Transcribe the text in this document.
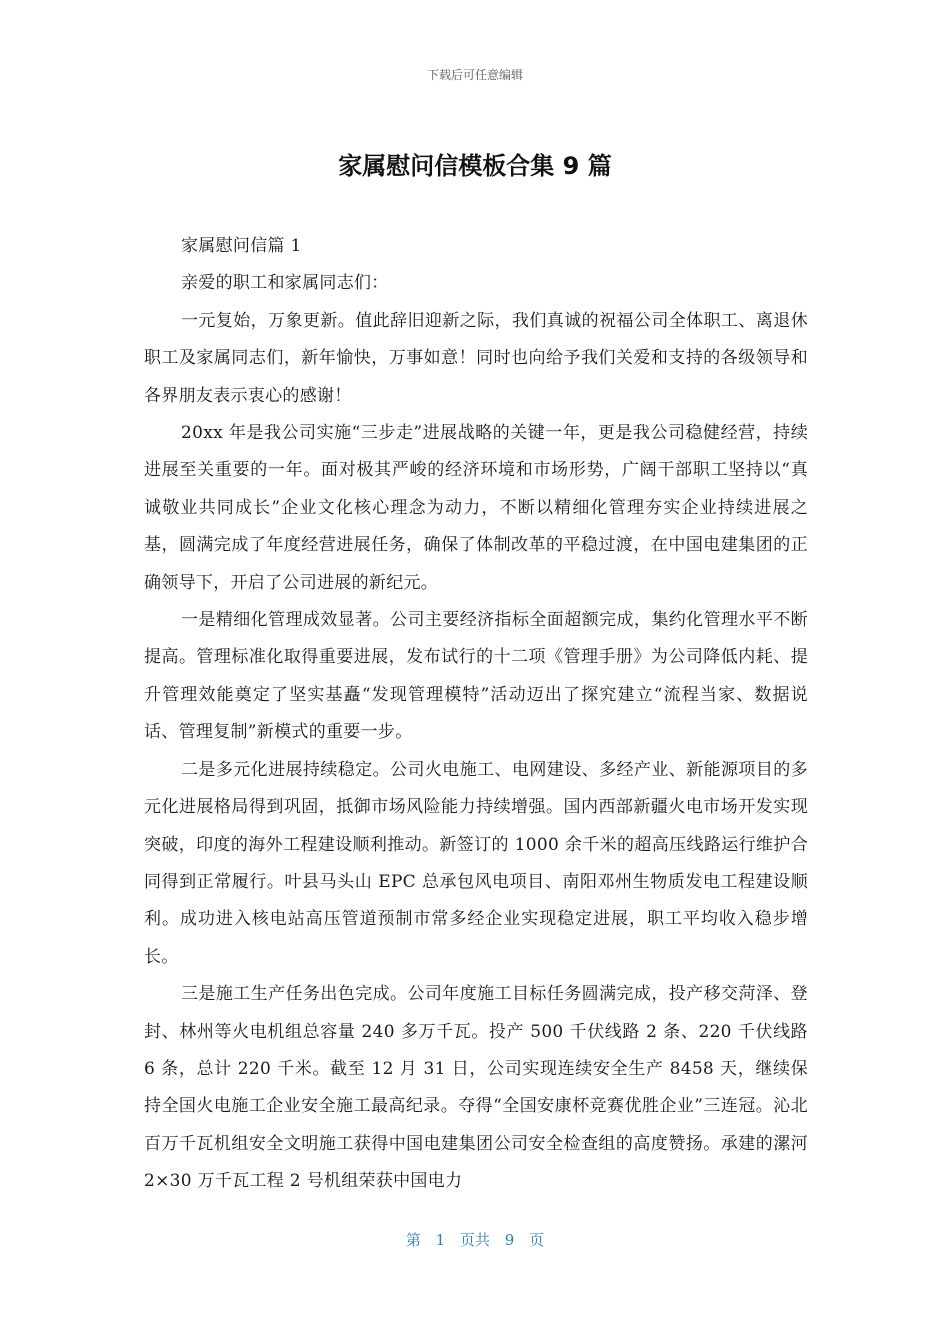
下载后可任意编辑
家属慰问信模板合集 9 篇

家属慰问信篇 1

亲爱的职工和家属同志们：

一元复始，万象更新。值此辞旧迎新之际，我们真诚的祝福公司全体职工、离退休职工及家属同志们，新年愉快，万事如意！同时也向给予我们关爱和支持的各级领导和各界朋友表示衷心的感谢！

20xx 年是我公司实施“三步走”进展战略的关键一年，更是我公司稳健经营，持续进展至关重要的一年。面对极其严峻的经济环境和市场形势，广阔干部职工坚持以“真诚敬业共同成长”企业文化核心理念为动力，不断以精细化管理夯实企业持续进展之基，圆满完成了年度经营进展任务，确保了体制改革的平稳过渡，在中国电建集团的正确领导下，开启了公司进展的新纪元。

一是精细化管理成效显著。公司主要经济指标全面超额完成，集约化管理水平不断提高。管理标准化取得重要进展，发布试行的十二项《管理手册》为公司降低内耗、提升管理效能奠定了坚实基矗“发现管理模特”活动迈出了探究建立“流程当家、数据说话、管理复制”新模式的重要一步。

二是多元化进展持续稳定。公司火电施工、电网建设、多经产业、新能源项目的多元化进展格局得到巩固，抵御市场风险能力持续增强。国内西部新疆火电市场开发实现突破，印度的海外工程建设顺利推动。新签订的 1000 余千米的超高压线路运行维护合同得到正常履行。叶县马头山 EPC 总承包风电项目、南阳邓州生物质发电工程建设顺利。成功进入核电站高压管道预制市常多经企业实现稳定进展，职工平均收入稳步增长。

三是施工生产任务出色完成。公司年度施工目标任务圆满完成，投产移交菏泽、登封、林州等火电机组总容量 240 多万千瓦。投产 500 千伏线路 2 条、220 千伏线路 6 条，总计 220 千米。截至 12 月 31 日，公司实现连续安全生产 8458 天，继续保持全国火电施工企业安全施工最高纪录。夺得“全国安康杯竞赛优胜企业”三连冠。沁北百万千瓦机组安全文明施工获得中国电建集团公司安全检查组的高度赞扬。承建的漯河 2×30 万千瓦工程 2 号机组荣获中国电力

第 1 页共 9 页
